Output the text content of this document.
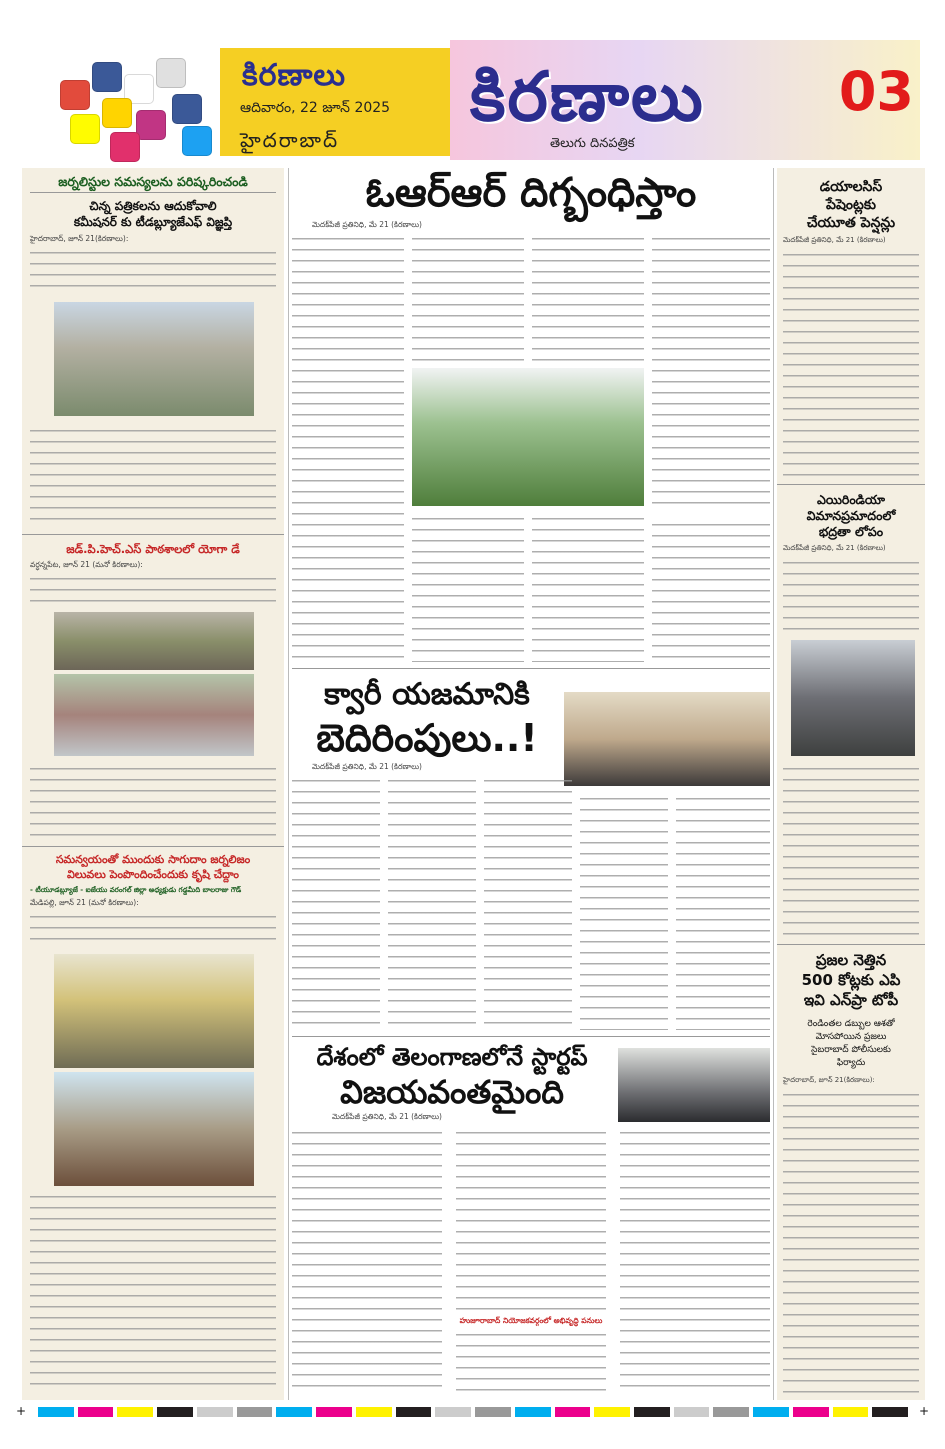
కిరణాలు
ఆదివారం, 22 జూన్ 2025
హైదరాబాద్
కిరణాలు
తెలుగు దినపత్రిక
03
జర్నలిస్టుల సమస్యలను పరిష్కరించండి
చిన్న పత్రికలను ఆదుకోవాలి
కమీషనర్ కు టీడబ్ల్యూజేఎఫ్ విజ్ఞప్తి
హైదరాబాద్, జూన్ 21(కిరణాలు):
జడ్.పి.హెచ్.ఎస్ పాఠశాలలో యోగా డే
వర్ధన్నపేట, జూన్ 21 (మనో కిరణాలు):
సమన్వయంతో ముందుకు సాగుదాం జర్నలిజం
విలువలు పెంపొందించేందుకు కృషి చేద్దాం
- టీయూడబ్ల్యూజే - ఐజేయు వరంగల్ జిల్లా అధ్యక్షుడు గడ్డమీది బాలరాజు గౌడ్
మేడిపల్లి, జూన్ 21 (మనో కిరణాలు):
ఓఆర్ఆర్ దిగ్బంధిస్తాం
మెదక్‌పేజీ ప్రతినిధి, మే 21 (కిరణాలు)
క్వారీ యజమానికి
బెదిరింపులు..!
మెదక్‌పేజీ ప్రతినిధి, మే 21 (కిరణాలు)
దేశంలో తెలంగాణలోనే స్టార్టప్
విజయవంతమైంది
మెదక్‌పేజీ ప్రతినిధి, మే 21 (కిరణాలు)
హుజూరాబాద్ నియోజకవర్గంలో అభివృద్ధి పనులు
డయాలసిస్
పేషెంట్లకు
చేయూత పెన్షన్లు
మెదక్‌పేజీ ప్రతినిధి, మే 21 (కిరణాలు)
ఎయిరిండియా
విమానప్రమాదంలో
భద్రతా లోపం
మెదక్‌పేజీ ప్రతినిధి, మే 21 (కిరణాలు)
ప్రజల నెత్తిన
500 కోట్లకు ఎపి
ఇవి ఎన్‌ప్రా టోపీ
రెండింతల డబ్బుల ఆశతో
మోసపోయిన ప్రజలు
సైబరాబాద్ పోలీసులకు
ఫిర్యాదు
హైదరాబాద్, జూన్ 21(కిరణాలు):
+	+
